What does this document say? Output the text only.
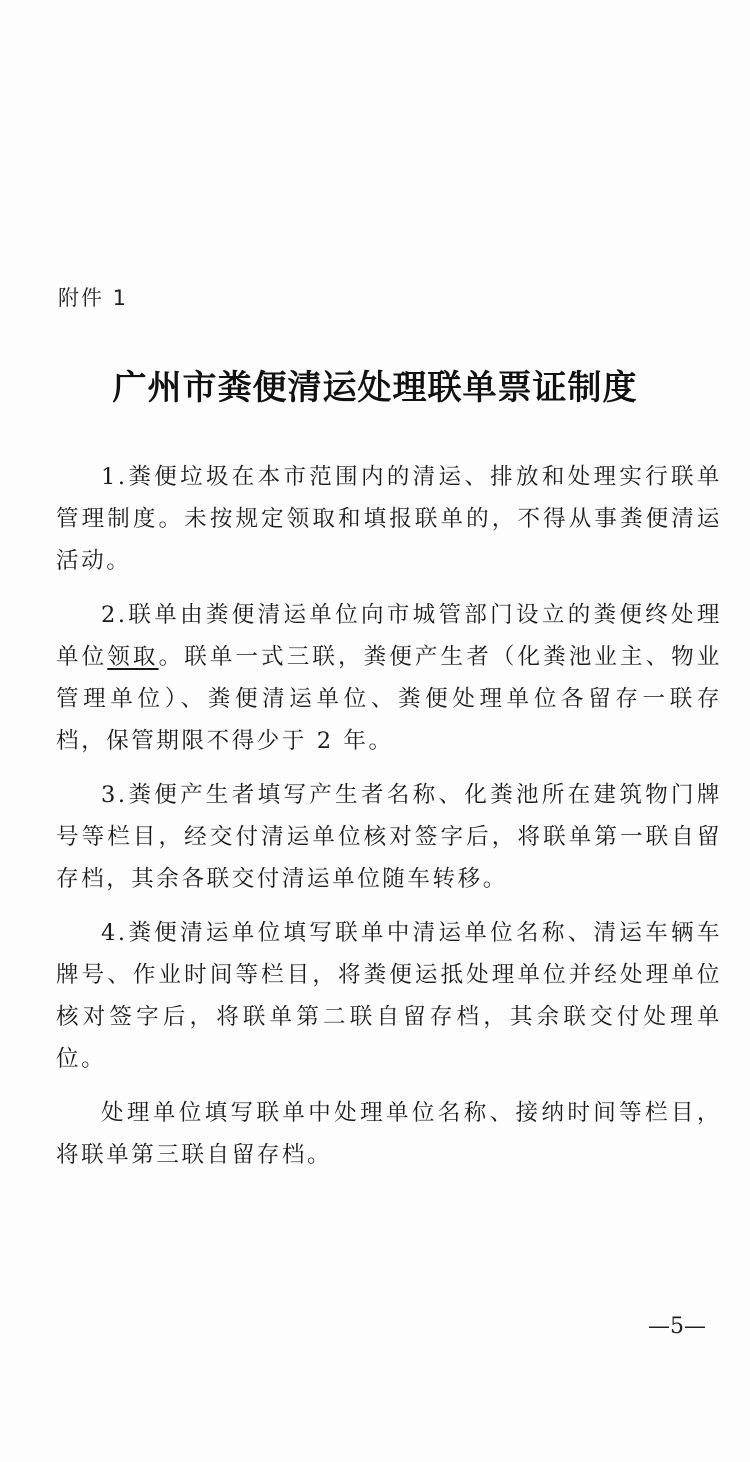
附件 1
广州市粪便清运处理联单票证制度

1.粪便垃圾在本市范围内的清运、排放和处理实行联单管理制度。未按规定领取和填报联单的，不得从事粪便清运活动。

2.联单由粪便清运单位向市城管部门设立的粪便终处理单位领取。联单一式三联，粪便产生者（化粪池业主、物业管理单位）、粪便清运单位、粪便处理单位各留存一联存档，保管期限不得少于 2 年。

3.粪便产生者填写产生者名称、化粪池所在建筑物门牌号等栏目，经交付清运单位核对签字后，将联单第一联自留存档，其余各联交付清运单位随车转移。

4.粪便清运单位填写联单中清运单位名称、清运车辆车牌号、作业时间等栏目，将粪便运抵处理单位并经处理单位核对签字后，将联单第二联自留存档，其余联交付处理单位。

处理单位填写联单中处理单位名称、接纳时间等栏目，将联单第三联自留存档。

—5—
